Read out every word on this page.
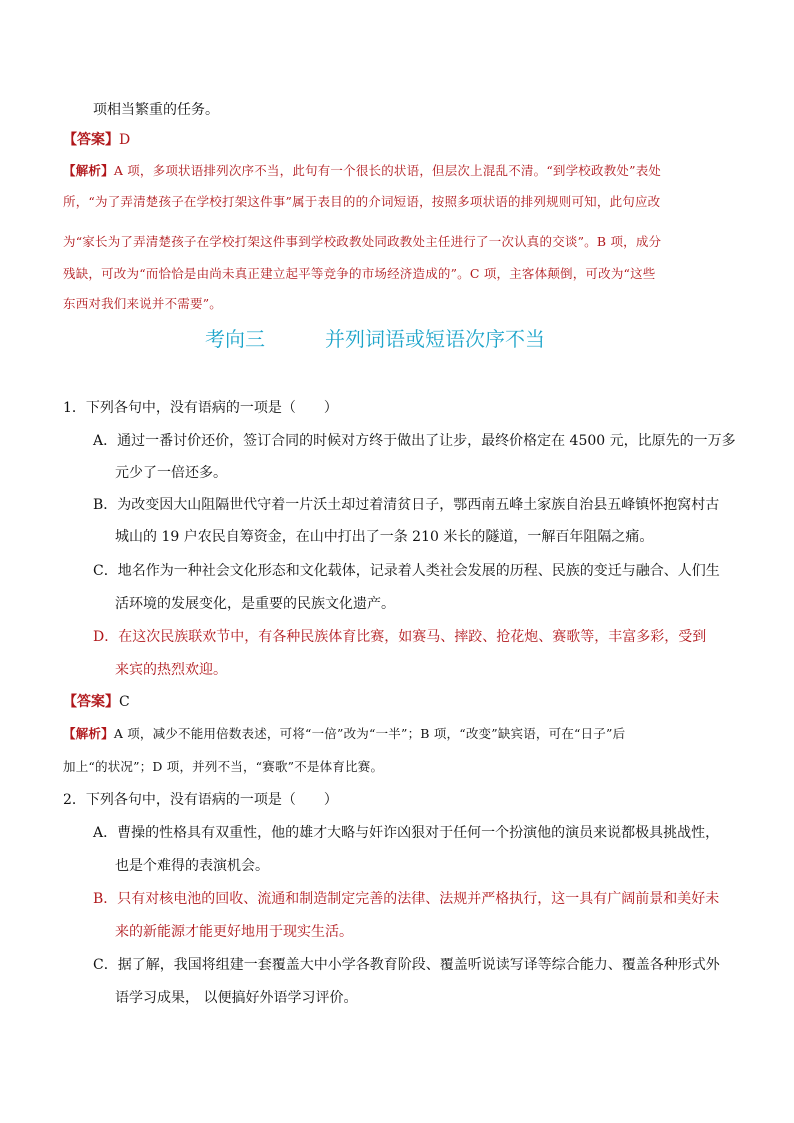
项相当繁重的任务。
【答案】D
【解析】A 项，多项状语排列次序不当，此句有一个很长的状语，但层次上混乱不清。“到学校政教处”表处
所，“为了弄清楚孩子在学校打架这件事”属于表目的的介词短语，按照多项状语的排列规则可知，此句应改
为“家长为了弄清楚孩子在学校打架这件事到学校政教处同政教处主任进行了一次认真的交谈”。B 项，成分
残缺，可改为“而恰恰是由尚未真正建立起平等竞争的市场经济造成的”。C 项，主客体颠倒，可改为“这些
东西对我们来说并不需要”。
考向三	并列词语或短语次序不当
1．下列各句中，没有语病的一项是（　　）
A．通过一番讨价还价，签订合同的时候对方终于做出了让步，最终价格定在 4500 元，比原先的一万多
元少了一倍还多。
B．为改变因大山阻隔世代守着一片沃土却过着清贫日子，鄂西南五峰土家族自治县五峰镇怀抱窝村古
城山的 19 户农民自筹资金，在山中打出了一条 210 米长的隧道，一解百年阻隔之痛。
C．地名作为一种社会文化形态和文化载体，记录着人类社会发展的历程、民族的变迁与融合、人们生
活环境的发展变化，是重要的民族文化遗产。
D．在这次民族联欢节中，有各种民族体育比赛，如赛马、摔跤、抢花炮、赛歌等，丰富多彩，受到
来宾的热烈欢迎。
【答案】C
【解析】A 项，减少不能用倍数表述，可将“一倍”改为“一半”；B 项，“改变”缺宾语，可在“日子”后
加上“的状况”；D 项，并列不当，“赛歌”不是体育比赛。
2．下列各句中，没有语病的一项是（　　）
A．曹操的性格具有双重性，他的雄才大略与奸诈凶狠对于任何一个扮演他的演员来说都极具挑战性，
也是个难得的表演机会。
B．只有对核电池的回收、流通和制造制定完善的法律、法规并严格执行，这一具有广阔前景和美好未
来的新能源才能更好地用于现实生活。
C．据了解，我国将组建一套覆盖大中小学各教育阶段、覆盖听说读写译等综合能力、覆盖各种形式外
语学习成果， 以便搞好外语学习评价。
